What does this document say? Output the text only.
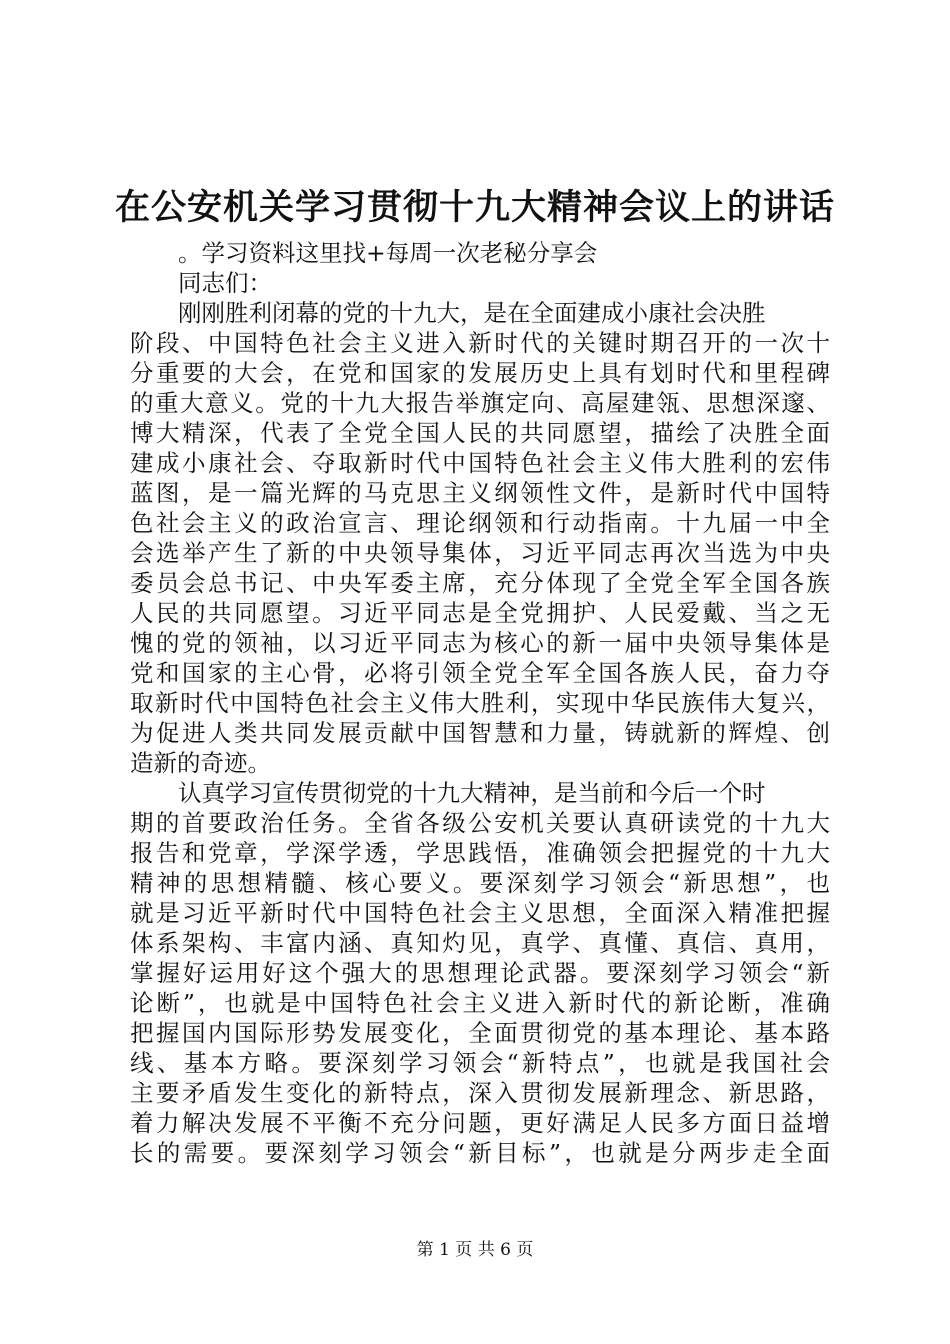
在公安机关学习贯彻十九大精神会议上的讲话
。学习资料这里找+每周一次老秘分享会
同志们：
刚刚胜利闭幕的党的十九大，是在全面建成小康社会决胜
阶段、中国特色社会主义进入新时代的关键时期召开的一次十
分重要的大会，在党和国家的发展历史上具有划时代和里程碑
的重大意义。党的十九大报告举旗定向、高屋建瓴、思想深邃、
博大精深，代表了全党全国人民的共同愿望，描绘了决胜全面
建成小康社会、夺取新时代中国特色社会主义伟大胜利的宏伟
蓝图，是一篇光辉的马克思主义纲领性文件，是新时代中国特
色社会主义的政治宣言、理论纲领和行动指南。十九届一中全
会选举产生了新的中央领导集体，习近平同志再次当选为中央
委员会总书记、中央军委主席，充分体现了全党全军全国各族
人民的共同愿望。习近平同志是全党拥护、人民爱戴、当之无
愧的党的领袖，以习近平同志为核心的新一届中央领导集体是
党和国家的主心骨，必将引领全党全军全国各族人民，奋力夺
取新时代中国特色社会主义伟大胜利，实现中华民族伟大复兴，
为促进人类共同发展贡献中国智慧和力量，铸就新的辉煌、创
造新的奇迹。
认真学习宣传贯彻党的十九大精神，是当前和今后一个时
期的首要政治任务。全省各级公安机关要认真研读党的十九大
报告和党章，学深学透，学思践悟，准确领会把握党的十九大
精神的思想精髓、核心要义。要深刻学习领会“新思想”，也
就是习近平新时代中国特色社会主义思想，全面深入精准把握
体系架构、丰富内涵、真知灼见，真学、真懂、真信、真用，
掌握好运用好这个强大的思想理论武器。要深刻学习领会“新
论断”，也就是中国特色社会主义进入新时代的新论断，准确
把握国内国际形势发展变化，全面贯彻党的基本理论、基本路
线、基本方略。要深刻学习领会“新特点”，也就是我国社会
主要矛盾发生变化的新特点，深入贯彻发展新理念、新思路，
着力解决发展不平衡不充分问题，更好满足人民多方面日益增
长的需要。要深刻学习领会“新目标”，也就是分两步走全面
第 1 页 共 6 页
